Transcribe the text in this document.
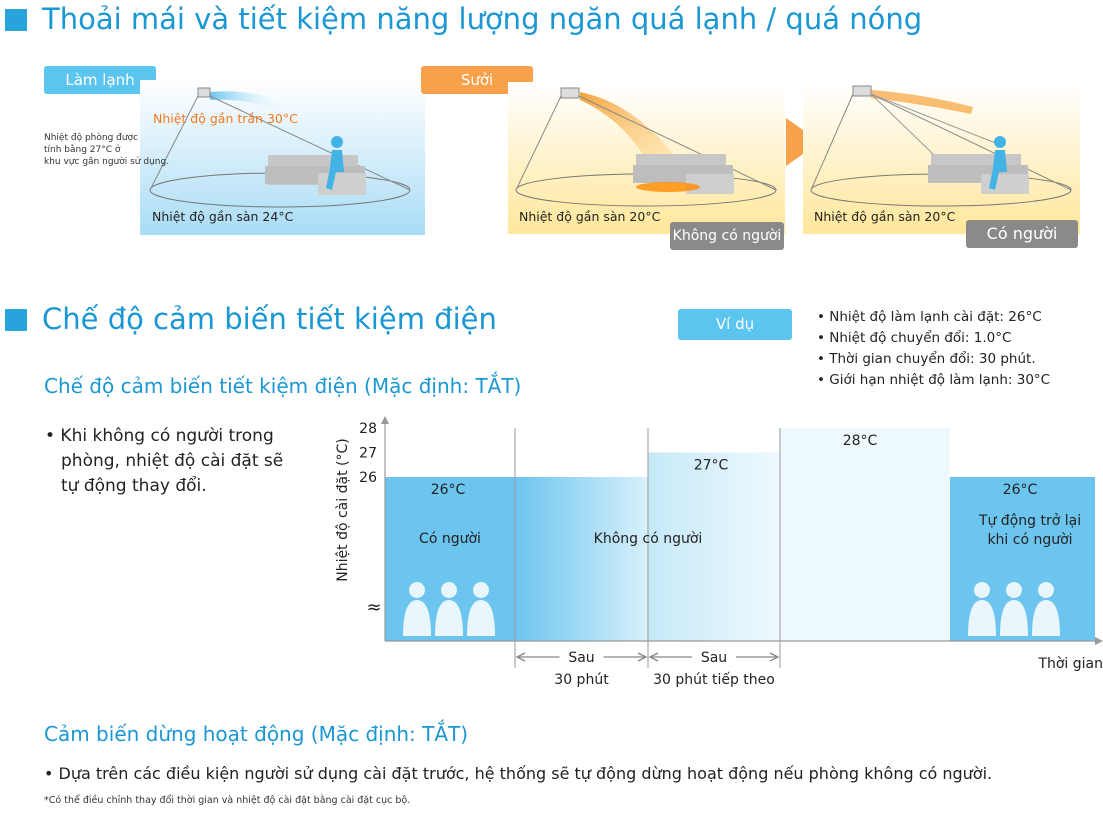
Thoải mái và tiết kiệm năng lượng ngăn quá lạnh / quá nóng
Làm lạnh
Nhiệt độ gần trần 30°C
Nhiệt độ phòng được
tính bằng 27°C ở
khu vực gần người sử dụng.
Nhiệt độ gần sàn 24°C
Sưởi
Nhiệt độ gần sàn 20°C
Không có người
Nhiệt độ gần sàn 20°C
Có người
Chế độ cảm biến tiết kiệm điện	Ví dụ	• Nhiệt độ làm lạnh cài đặt: 26°C
• Nhiệt độ chuyển đổi: 1.0°C
• Thời gian chuyển đổi: 30 phút.
• Giới hạn nhiệt độ làm lạnh: 30°C
Chế độ cảm biến tiết kiệm điện (Mặc định: TẮT)
• Khi không có người trong
phòng, nhiệt độ cài đặt sẽ
tự động thay đổi.
28
27
26
≈
Nhiệt độ cài đặt (°C)
Thời gian
26°C
27°C
28°C
26°C
Có người	Không có người
Tự động trở lại
khi có người
Sau
30 phút
Sau
30 phút tiếp theo
Cảm biến dừng hoạt động (Mặc định: TẮT)
• Dựa trên các điều kiện người sử dụng cài đặt trước, hệ thống sẽ tự động dừng hoạt động nếu phòng không có người.
*Có thể điều chỉnh thay đổi thời gian và nhiệt độ cài đặt bằng cài đặt cục bộ.
